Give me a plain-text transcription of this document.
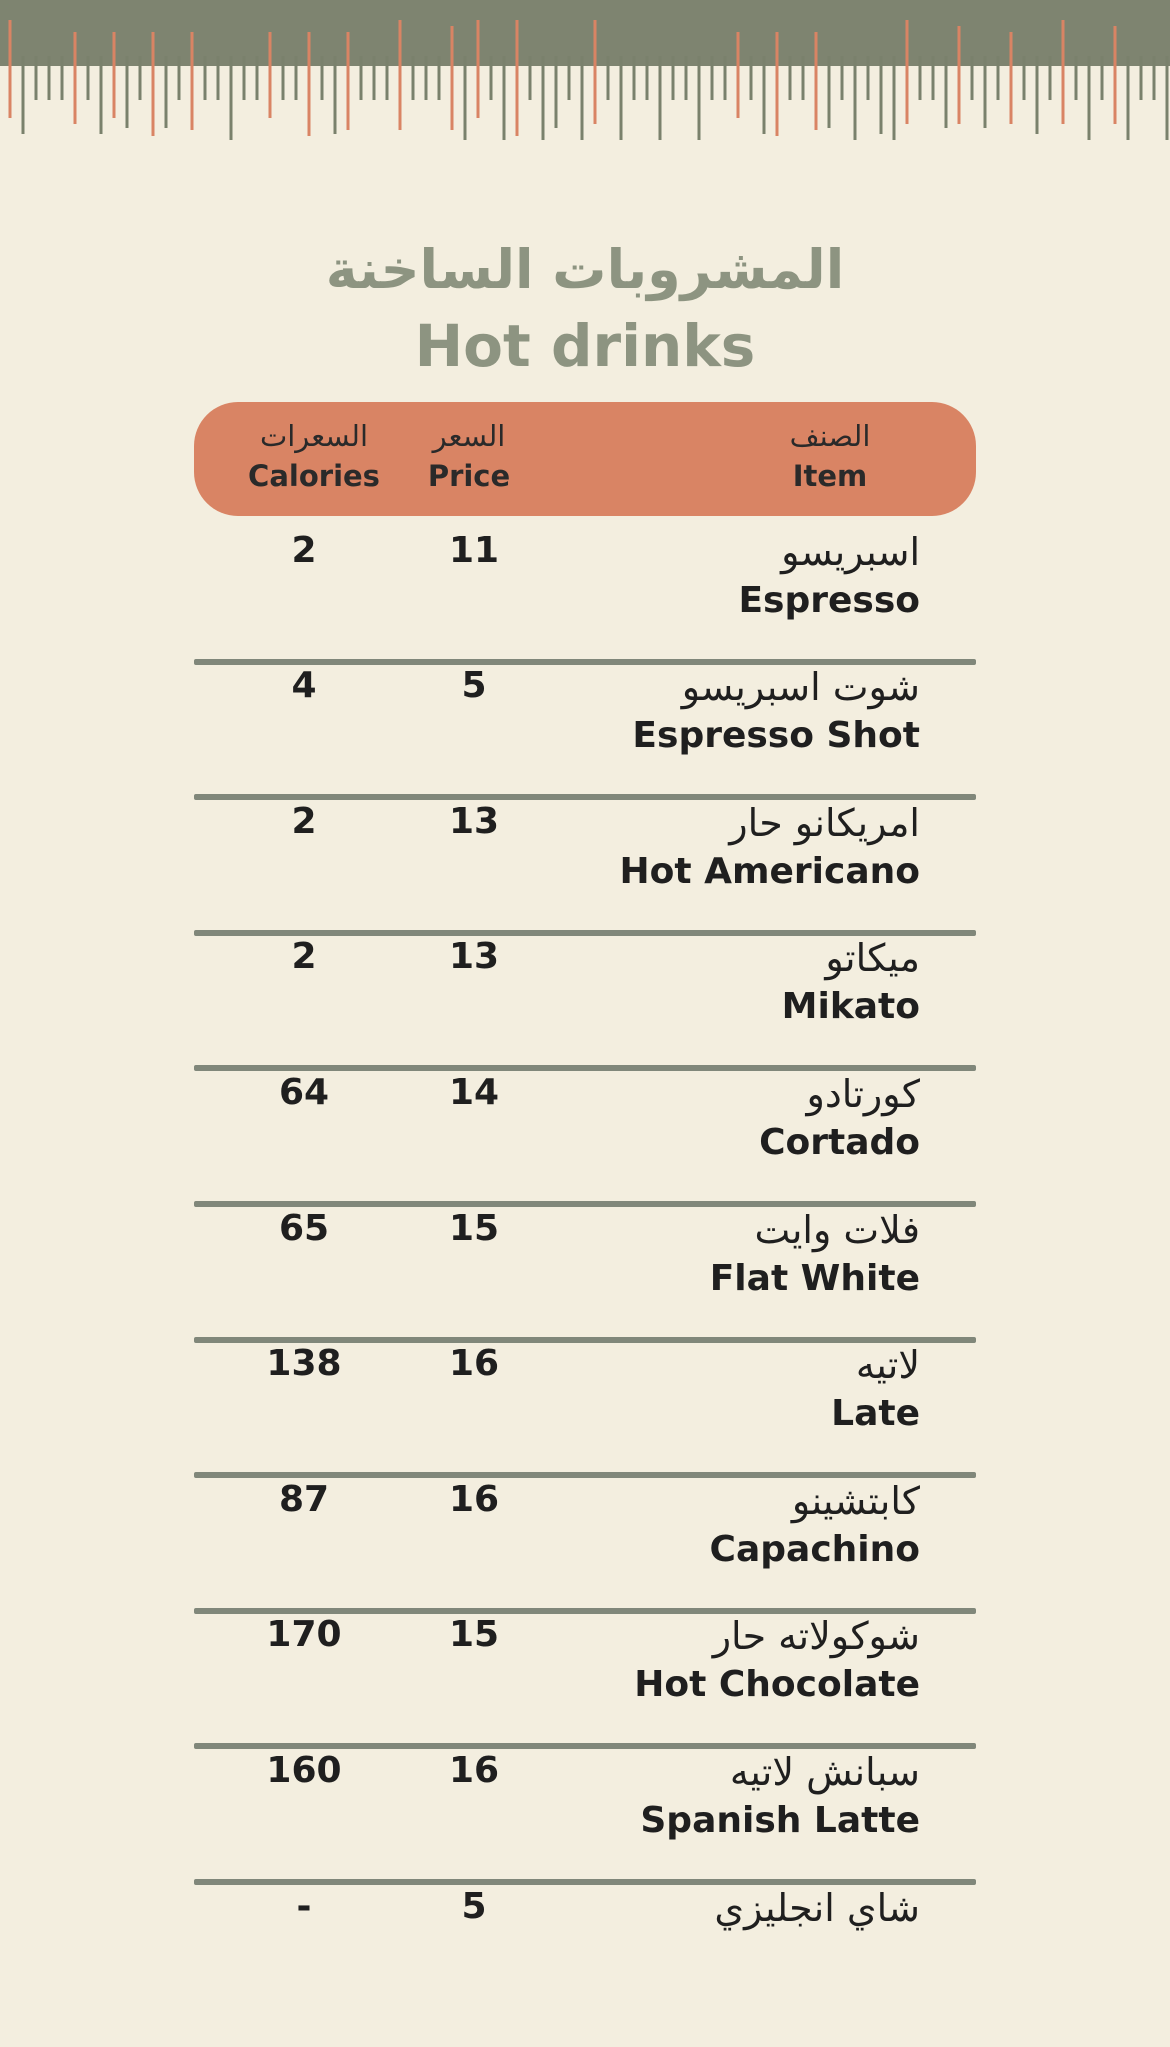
المشروبات الساخنة
Hot drinks
الصنف
Item
السعر
Price
السعرات
Calories
اسبريسو
Espresso
11
2
شوت اسبريسو
Espresso Shot
5
4
امريكانو حار
Hot Americano
13
2
ميكاتو
Mikato
13
2
كورتادو
Cortado
14
64
فلات وايت
Flat White
15
65
لاتيه
Late
16
138
كابتشينو
Capachino
16
87
شوكولاته حار
Hot Chocolate
15
170
سبانش لاتيه
Spanish Latte
16
160
شاي انجليزي
5
-
